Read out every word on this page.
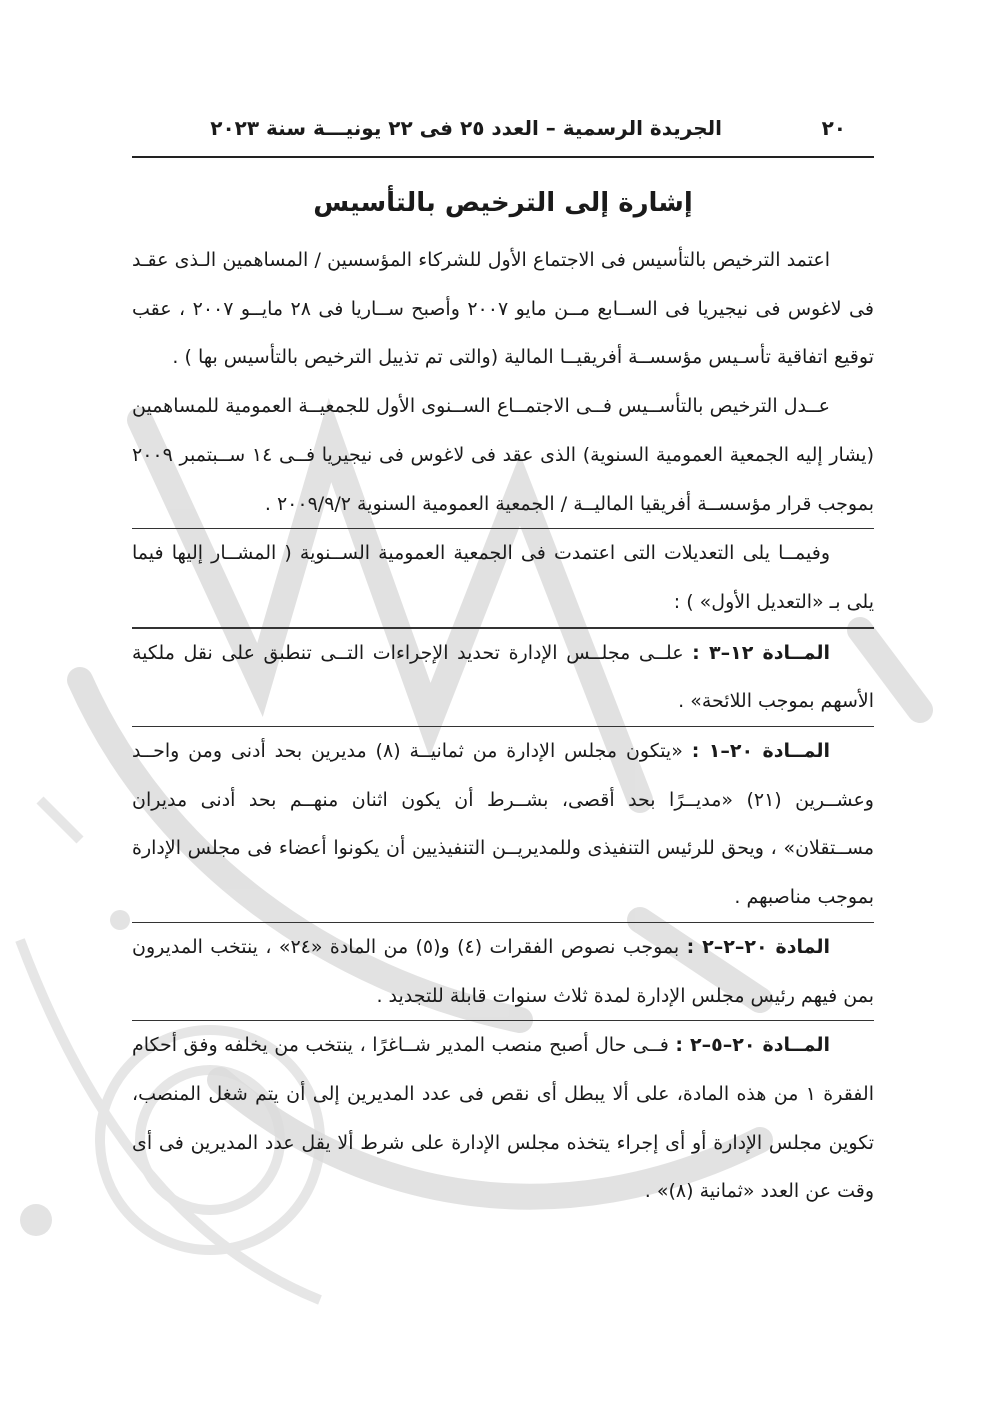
الجريدة الرسمية – العدد ٢٥ فى ٢٢ يونيـــة سنة ٢٠٢٣	٢٠
إشارة إلى الترخيص بالتأسيس

اعتمد الترخيص بالتأسيس فى الاجتماع الأول للشركاء المؤسسين / المساهمين الـذى عقـد فى لاغوس فى نيجيريا فى الســابع مــن مايو ٢٠٠٧ وأصبح ســاريا فى ٢٨ مايــو ٢٠٠٧ ، عقب توقيع اتفاقية تأسـيس مؤسســة أفريقيــا المالية (والتى تم تذييل الترخيص بالتأسيس بها ) .

عــدل الترخيص بالتأســيس فــى الاجتمــاع الســنوى الأول للجمعيــة العمومية للمساهمين (يشار إليه الجمعية العمومية السنوية) الذى عقد فى لاغوس فى نيجيريا فــى ١٤ ســبتمبر ٢٠٠٩ بموجب قرار مؤسســة أفريقيا الماليــة / الجمعية العمومية السنوية ٢٠٠٩/٩/٢ .

وفيمــا يلى التعديلات التى اعتمدت فى الجمعية العمومية الســنوية ( المشــار إليها فيما يلى بـ «التعديل الأول» ) :

المــادة ١٢–٣ : علــى مجلــس الإدارة تحديد الإجراءات التــى تنطبق على نقل ملكية الأسهم بموجب اللائحة» .

المــادة ٢٠–١ : «يتكون مجلس الإدارة من ثمانيــة (٨) مديرين بحد أدنى ومن واحــد وعشــرين (٢١) «مديــرًا بحد أقصى، بشــرط أن يكون اثنان منهــم بحد أدنى مديران مســتقلان» ، ويحق للرئيس التنفيذى وللمديريــن التنفيذيين أن يكونوا أعضاء فى مجلس الإدارة بموجب مناصبهم .

المادة ٢٠–٢–٢ : بموجب نصوص الفقرات (٤) و(٥) من المادة «٢٤» ، ينتخب المديرون بمن فيهم رئيس مجلس الإدارة لمدة ثلاث سنوات قابلة للتجديد .

المــادة ٢٠–٥–٢ : فــى حال أصبح منصب المدير شــاغرًا ، ينتخب من يخلفه وفق أحكام الفقرة ١ من هذه المادة، على ألا يبطل أى نقص فى عدد المديرين إلى أن يتم شغل المنصب، تكوين مجلس الإدارة أو أى إجراء يتخذه مجلس الإدارة على شرط ألا يقل عدد المديرين فى أى وقت عن العدد «ثمانية (٨)» .
